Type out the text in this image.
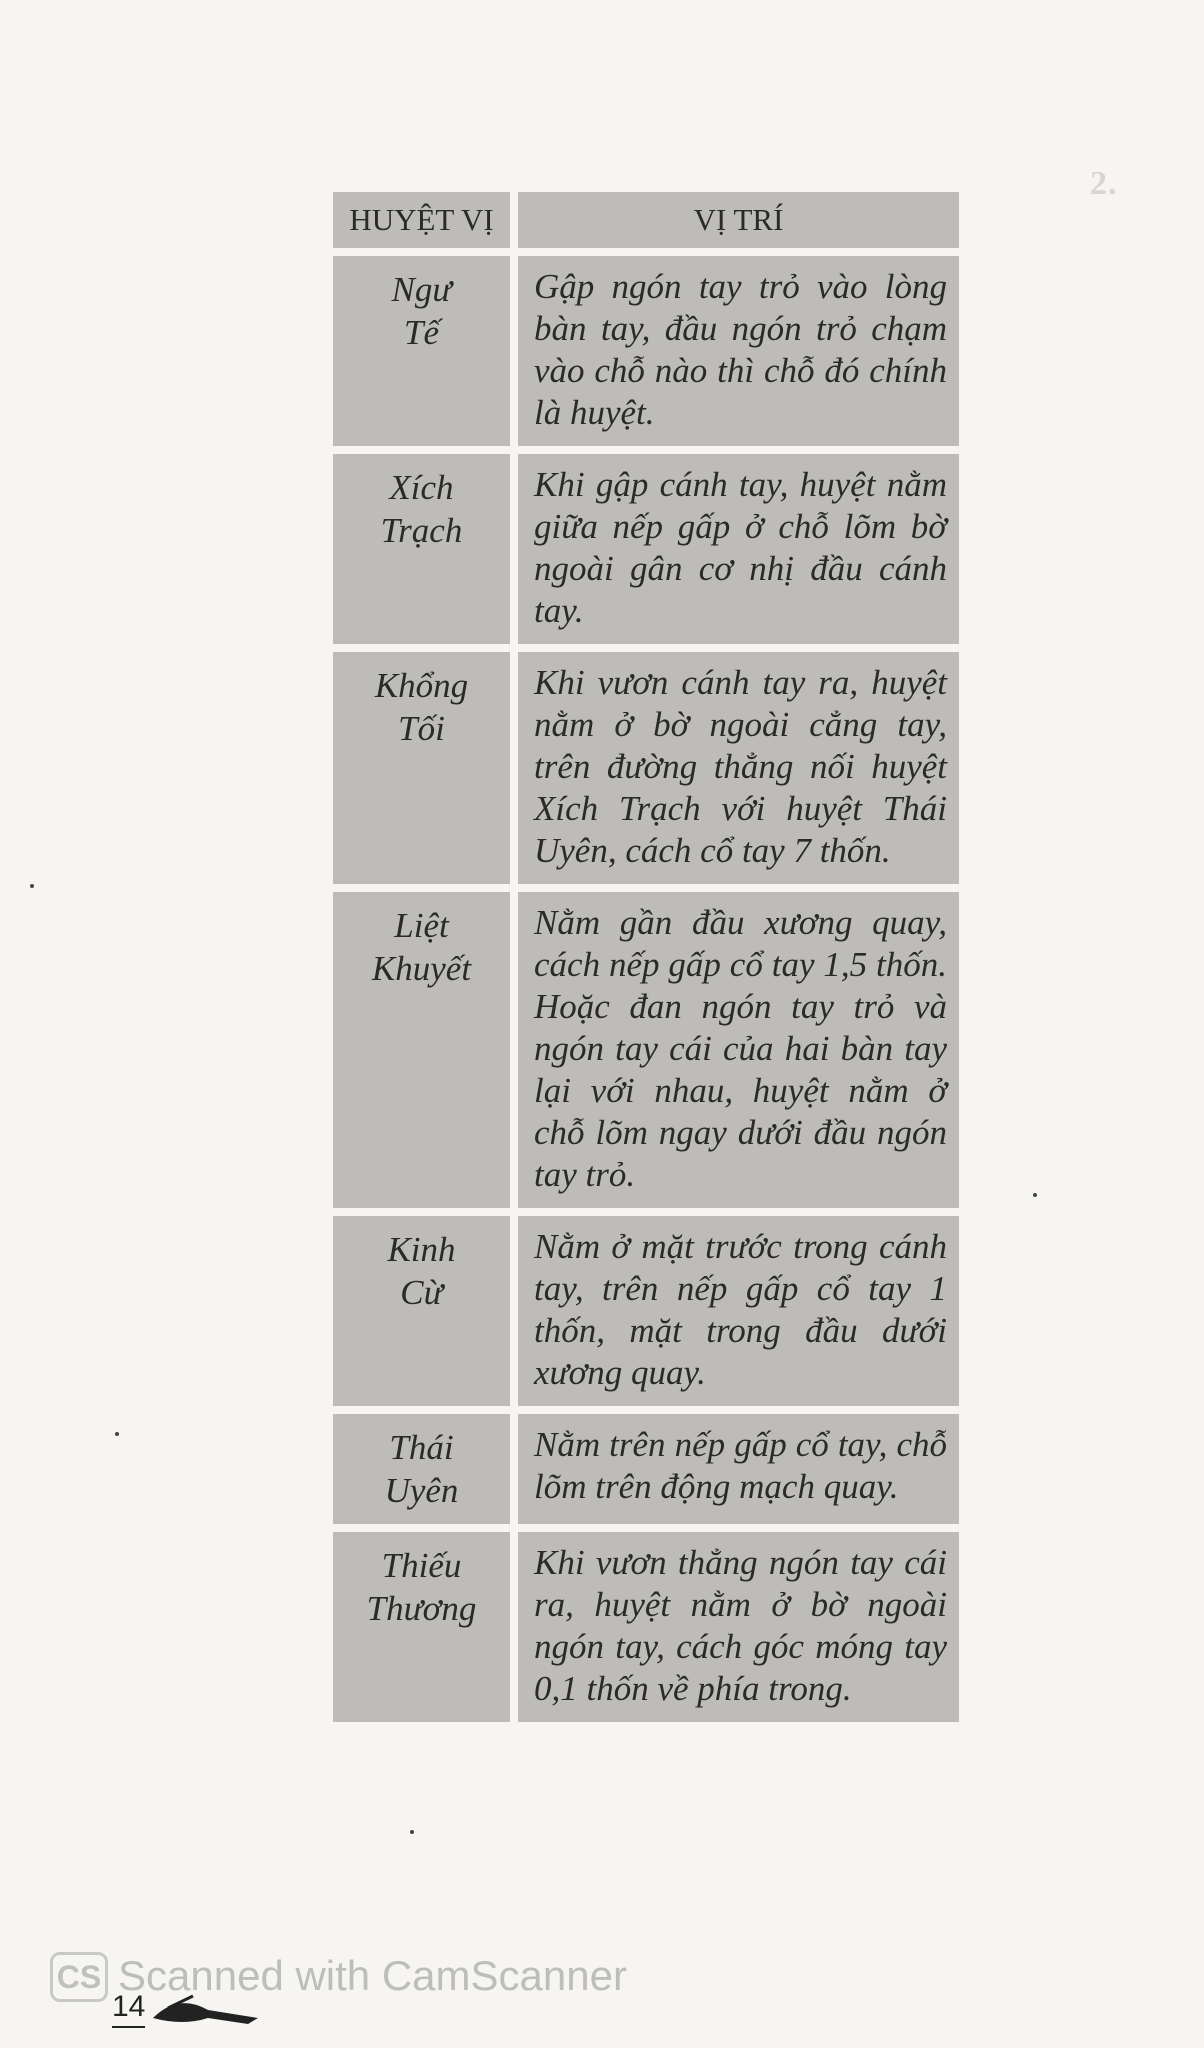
2.
HUYỆT VỊ	VỊ TRÍ

Ngư
Tế	Gập ngón tay trỏ vào lòng bàn tay, đầu ngón trỏ chạm vào chỗ nào thì chỗ đó chính là huyệt.

Xích
Trạch	Khi gập cánh tay, huyệt nằm giữa nếp gấp ở chỗ lõm bờ ngoài gân cơ nhị đầu cánh tay.

Khổng
Tối	Khi vươn cánh tay ra, huyệt nằm ở bờ ngoài cẳng tay, trên đường thẳng nối huyệt Xích Trạch với huyệt Thái Uyên, cách cổ tay 7 thốn.

Liệt
Khuyết	Nằm gần đầu xương quay, cách nếp gấp cổ tay 1,5 thốn. Hoặc đan ngón tay trỏ và ngón tay cái của hai bàn tay lại với nhau, huyệt nằm ở chỗ lõm ngay dưới đầu ngón tay trỏ.

Kinh
Cừ	Nằm ở mặt trước trong cánh tay, trên nếp gấp cổ tay 1 thốn, mặt trong đầu dưới xương quay.

Thái
Uyên	Nằm trên nếp gấp cổ tay, chỗ lõm trên động mạch quay.

Thiếu
Thương	Khi vươn thẳng ngón tay cái ra, huyệt nằm ở bờ ngoài ngón tay, cách góc móng tay 0,1 thốn về phía trong.
CS Scanned with CamScanner
14
